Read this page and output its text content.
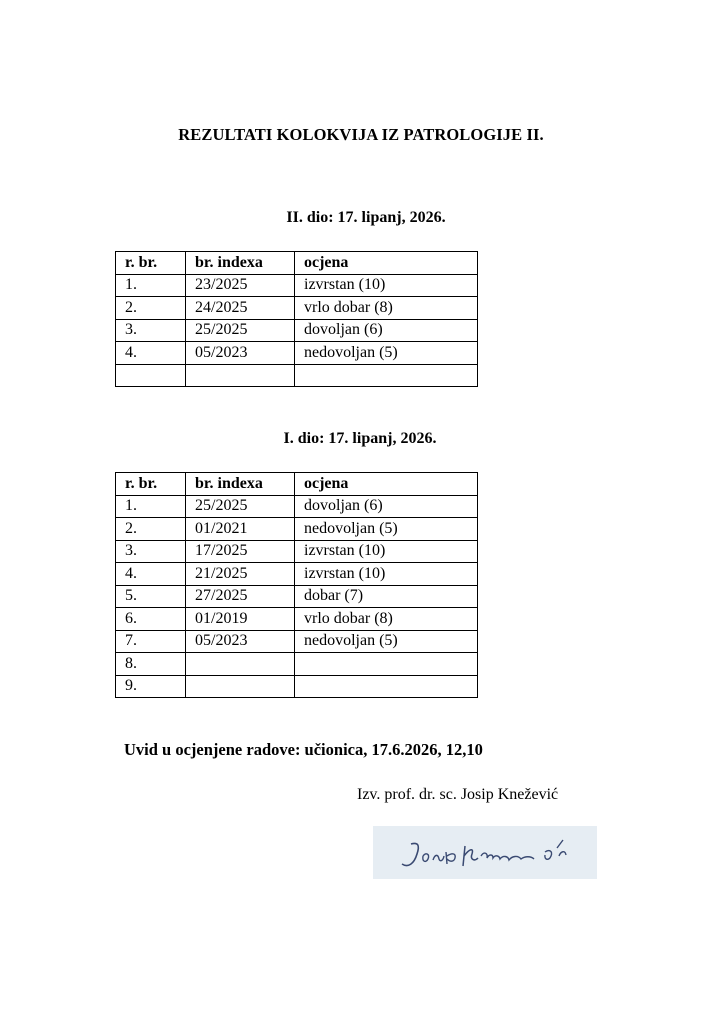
REZULTATI KOLOKVIJA IZ PATROLOGIJE II.
II. dio: 17. lipanj, 2026.
r. br.	br. indexa	ocjena
1.	23/2025	izvrstan (10)
2.	24/2025	vrlo dobar (8)
3.	25/2025	dovoljan (6)
4.	05/2023	nedovoljan (5)

I. dio: 17. lipanj, 2026.
r. br.	br. indexa	ocjena
1.	25/2025	dovoljan (6)
2.	01/2021	nedovoljan (5)
3.	17/2025	izvrstan (10)
4.	21/2025	izvrstan (10)
5.	27/2025	dobar (7)
6.	01/2019	vrlo dobar (8)
7.	05/2023	nedovoljan (5)
8.		
9.		
Uvid u ocjenjene radove: učionica, 17.6.2026, 12,10
Izv. prof. dr. sc. Josip Knežević
